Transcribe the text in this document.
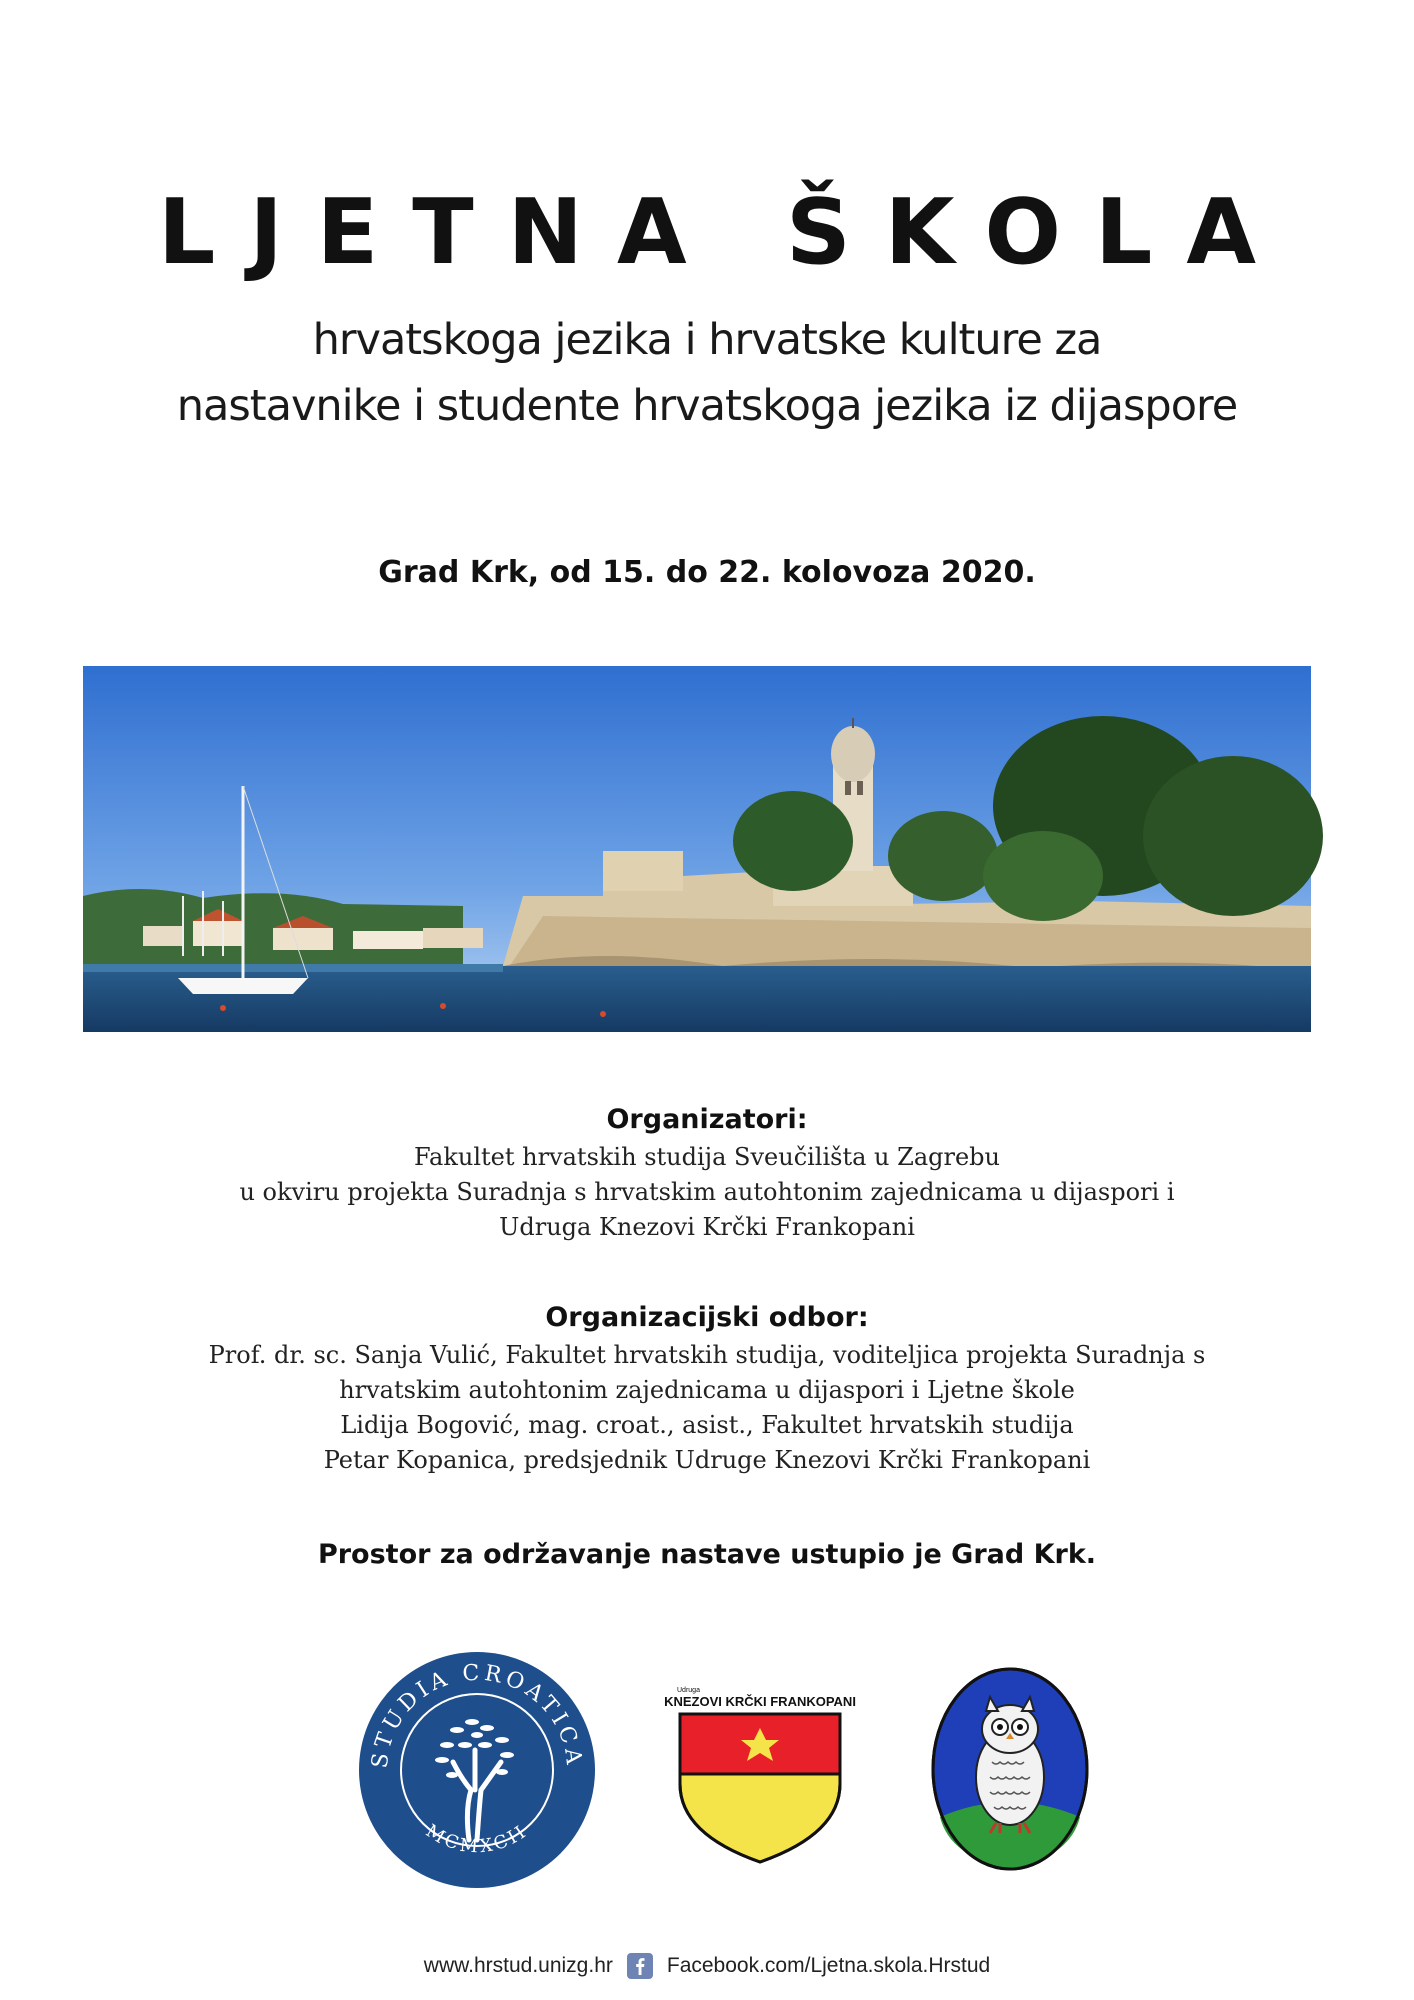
LJETNA ŠKOLA
hrvatskoga jezika i hrvatske kulture za
nastavnike i studente hrvatskoga jezika iz dijaspore
Grad Krk, od 15. do 22. kolovoza 2020.
Organizatori:
Fakultet hrvatskih studija Sveučilišta u Zagrebu
u okviru projekta Suradnja s hrvatskim autohtonim zajednicama u dijaspori i
Udruga Knezovi Krčki Frankopani
Organizacijski odbor:
Prof. dr. sc. Sanja Vulić, Fakultet hrvatskih studija, voditeljica projekta Suradnja s
hrvatskim autohtonim zajednicama u dijaspori i Ljetne škole
Lidija Bogović, mag. croat., asist., Fakultet hrvatskih studija
Petar Kopanica, predsjednik Udruge Knezovi Krčki Frankopani
Prostor za održavanje nastave ustupio je Grad Krk.
STUDIA CROATICA
MCMXCII
Udruga
KNEZOVI KRČKI FRANKOPANI
www.hrstud.unizg.hr	Facebook.com/Ljetna.skola.Hrstud
